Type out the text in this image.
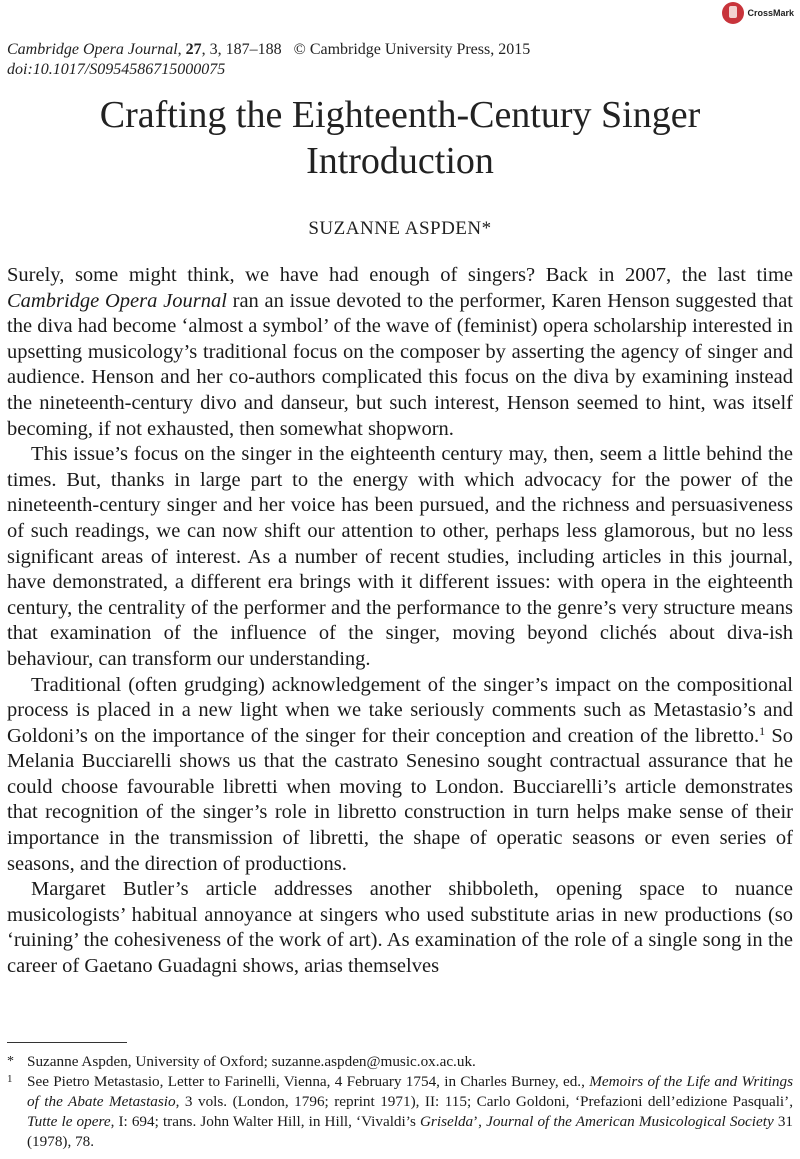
CrossMark
Cambridge Opera Journal, 27, 3, 187–188 © Cambridge University Press, 2015
doi:10.1017/S0954586715000075
Crafting the Eighteenth-Century Singer
Introduction
SUZANNE ASPDEN*

Surely, some might think, we have had enough of singers? Back in 2007, the last time Cambridge Opera Journal ran an issue devoted to the performer, Karen Henson suggested that the diva had become ‘almost a symbol’ of the wave of (feminist) opera scholarship interested in upsetting musicology’s traditional focus on the composer by asserting the agency of singer and audience. Henson and her co-authors complicated this focus on the diva by examining instead the nineteenth-century divo and danseur, but such interest, Henson seemed to hint, was itself becoming, if not exhausted, then somewhat shopworn.

This issue’s focus on the singer in the eighteenth century may, then, seem a little behind the times. But, thanks in large part to the energy with which advocacy for the power of the nineteenth-century singer and her voice has been pursued, and the richness and persuasiveness of such readings, we can now shift our attention to other, perhaps less glamorous, but no less significant areas of interest. As a number of recent studies, including articles in this journal, have demonstrated, a different era brings with it different issues: with opera in the eighteenth century, the centrality of the performer and the performance to the genre’s very structure means that examination of the influence of the singer, moving beyond clichés about diva-ish behaviour, can transform our understanding.

Traditional (often grudging) acknowledgement of the singer’s impact on the compositional process is placed in a new light when we take seriously comments such as Metastasio’s and Goldoni’s on the importance of the singer for their conception and creation of the libretto.$^1$ So Melania Bucciarelli shows us that the castrato Senesino sought contractual assurance that he could choose favourable libretti when moving to London. Bucciarelli’s article demonstrates that recognition of the singer’s role in libretto construction in turn helps make sense of their importance in the transmission of libretti, the shape of operatic seasons or even series of seasons, and the direction of productions.

Margaret Butler’s article addresses another shibboleth, opening space to nuance musicologists’ habitual annoyance at singers who used substitute arias in new productions (so ‘ruining’ the cohesiveness of the work of art). As examination of the role of a single song in the career of Gaetano Guadagni shows, arias themselves

* Suzanne Aspden, University of Oxford; suzanne.aspden@music.ox.ac.uk.
1 See Pietro Metastasio, Letter to Farinelli, Vienna, 4 February 1754, in Charles Burney, ed., Memoirs of the Life and Writings of the Abate Metastasio, 3 vols. (London, 1796; reprint 1971), II: 115; Carlo Goldoni, ‘Prefazioni dell’edizione Pasquali’, Tutte le opere, I: 694; trans. John Walter Hill, in Hill, ‘Vivaldi’s Griselda’, Journal of the American Musicological Society 31 (1978), 78.
